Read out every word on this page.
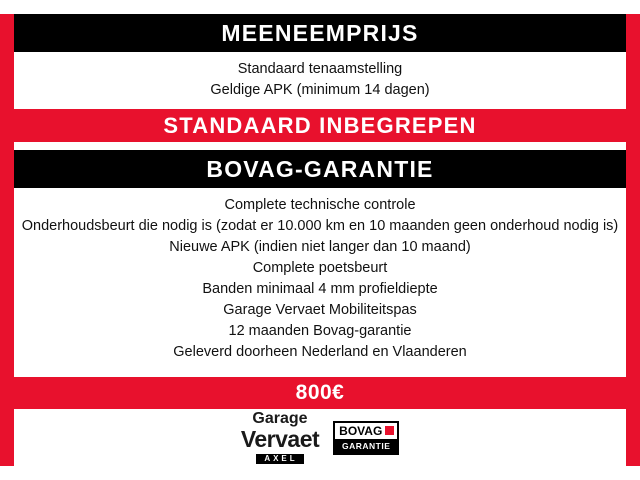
MEENEEMPRIJS
Standaard tenaamstelling
Geldige APK (minimum 14 dagen)
STANDAARD INBEGREPEN
BOVAG-GARANTIE
Complete technische controle
Onderhoudsbeurt die nodig is (zodat er 10.000 km en 10 maanden geen onderhoud nodig is)
Nieuwe APK (indien niet langer dan 10 maand)
Complete poetsbeurt
Banden minimaal 4 mm profieldiepte
Garage Vervaet Mobiliteitspas
12 maanden Bovag-garantie
Geleverd doorheen Nederland en Vlaanderen
800€
Garage
Vervaet
AXEL
BOVAG
GARANTIE
